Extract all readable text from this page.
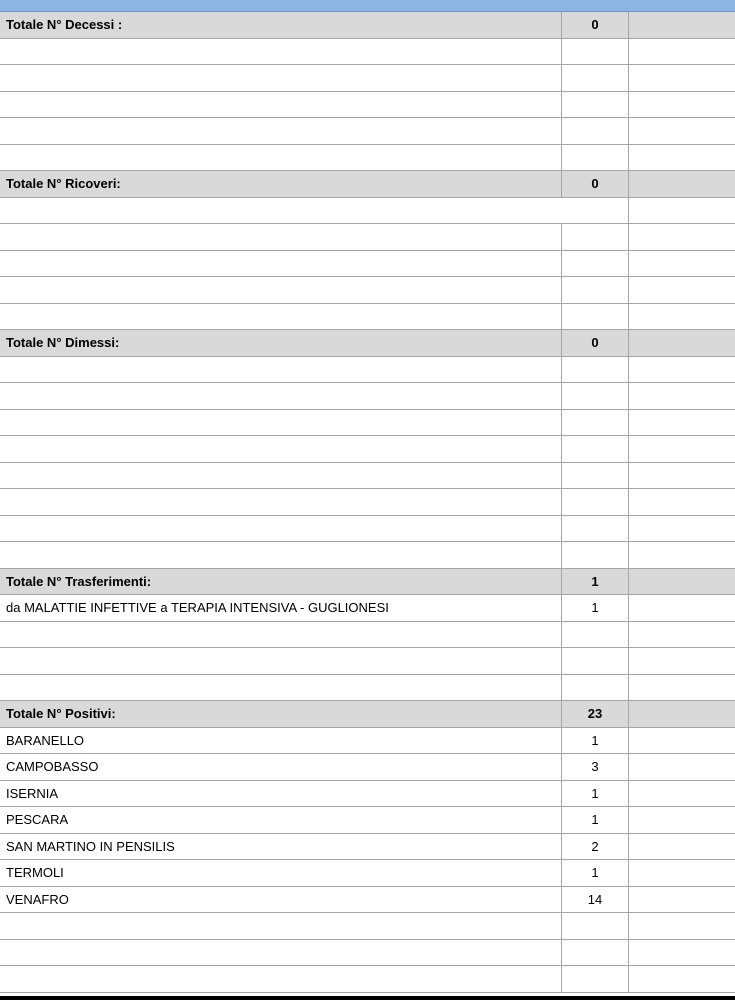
Totale N° Decessi :	0
Totale N° Ricoveri:	0
Totale N° Dimessi:	0
Totale N° Trasferimenti:	1
da MALATTIE INFETTIVE a TERAPIA INTENSIVA - GUGLIONESI	1
Totale N° Positivi:	23
BARANELLO	1
CAMPOBASSO	3
ISERNIA	1
PESCARA	1
SAN MARTINO IN PENSILIS	2
TERMOLI	1
VENAFRO	14
